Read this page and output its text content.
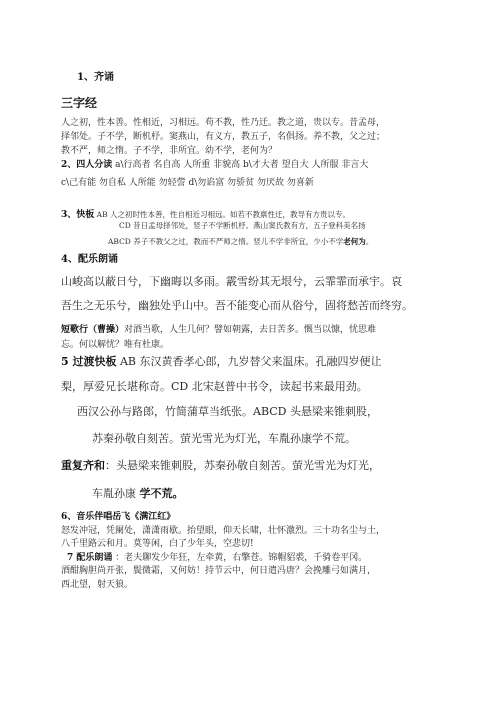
1、齐诵
三字经
人之初，性本善。性相近，习相远。苟不教，性乃迁。教之道，贵以专。昔孟母，
择邻处。子不学，断机杼。窦燕山，有义方，教五子，名俱扬。养不教，父之过；
教不严，师之惰。子不学，非所宜。幼不学，老何为？
2、四人分读 a\行高者 名自高 人所重 非貌高 b\才大者 望自大 人所服 非言大
c\己有能 勿自私 人所能 勿轻訾 d\勿谄富 勿骄贫 勿厌故 勿喜新
3、快板 AB 人之初时性本善，性自相近习相远。如若不教禀性迁，教导有方贵以专。
CD 昔日孟母择邻处，竖子不学断机杼。燕山窦氏教有方，五子登科美名扬
ABCD 养子不教父之过，教而不严师之惰。竖儿不学非所宜，少小不学老何为。
4、配乐朗诵
山峻高以蔽日兮，下幽晦以多雨。霰雪纷其无垠兮，云霏霏而承宇。哀
吾生之无乐兮，幽独处乎山中。吾不能变心而从俗兮，固将愁苦而终穷。
短歌行（曹操）对酒当歌，人生几何？譬如朝露，去日苦多。慨当以慷，忧思难
忘。何以解忧？唯有杜康。
5 过渡快板 AB 东汉黄香孝心郎，九岁替父来温床。孔融四岁便让
梨，厚爱兄长堪称奇。CD 北宋赵普中书令，读起书来最用劲。
西汉公孙与路郎，竹简蒲草当纸张。ABCD 头悬梁来锥刺股，
苏秦孙敬自刻苦。萤光雪光为灯光，车胤孙康学不荒。
重复齐和：头悬梁来锥刺股，苏秦孙敬自刻苦。萤光雪光为灯光，
车胤孙康 学不荒。
6、音乐伴唱岳飞《满江红》
怒发冲冠，凭阑处，潇潇雨歇。抬望眼，仰天长啸，壮怀激烈。三十功名尘与土，
八千里路云和月。莫等闲，白了少年头，空悲切!
7 配乐朗诵 ：老夫聊发少年狂，左牵黄，右擎苍。锦帽貂裘，千骑卷平冈。
酒酣胸胆尚开张，鬓微霜，又何妨！持节云中，何日遣冯唐？会挽雕弓如满月，
西北望，射天狼。
